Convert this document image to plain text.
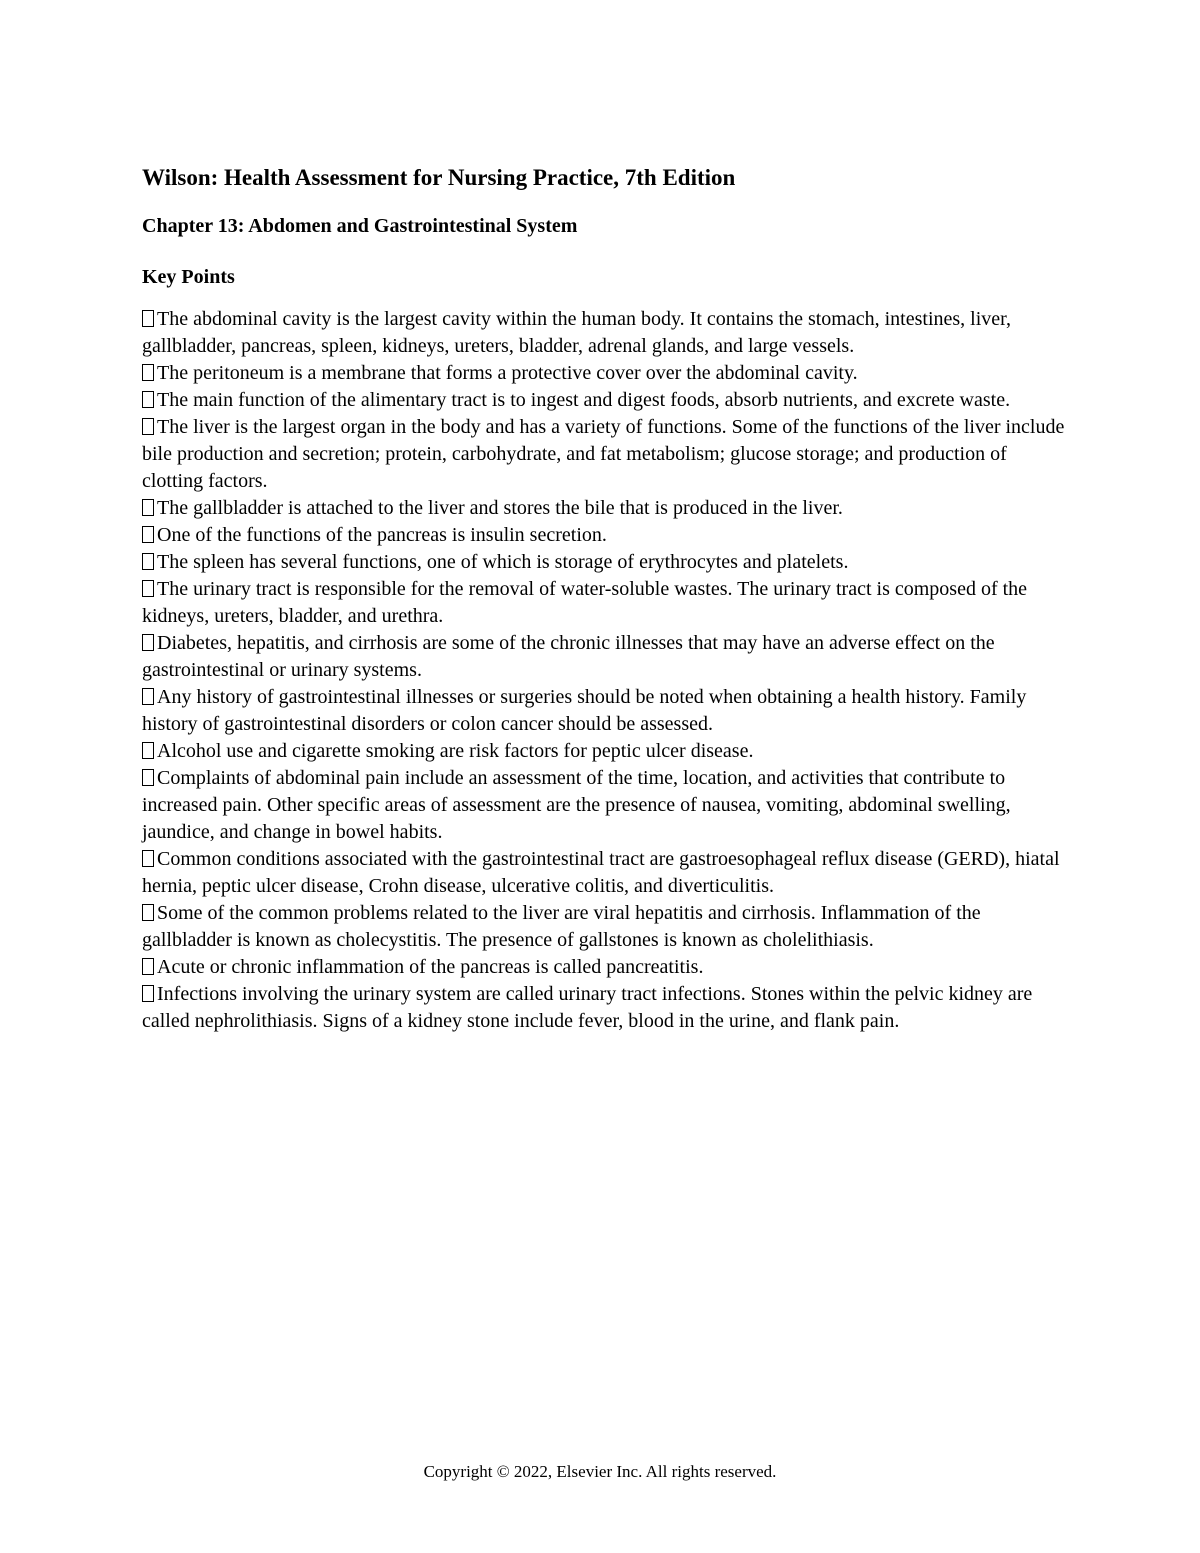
Wilson: Health Assessment for Nursing Practice, 7th Edition
Chapter 13: Abdomen and Gastrointestinal System
Key Points
The abdominal cavity is the largest cavity within the human body. It contains the stomach, intestines, liver, gallbladder, pancreas, spleen, kidneys, ureters, bladder, adrenal glands, and large vessels.
The peritoneum is a membrane that forms a protective cover over the abdominal cavity.
The main function of the alimentary tract is to ingest and digest foods, absorb nutrients, and excrete waste.
The liver is the largest organ in the body and has a variety of functions. Some of the functions of the liver include bile production and secretion; protein, carbohydrate, and fat metabolism; glucose storage; and production of clotting factors.
The gallbladder is attached to the liver and stores the bile that is produced in the liver.
One of the functions of the pancreas is insulin secretion.
The spleen has several functions, one of which is storage of erythrocytes and platelets.
The urinary tract is responsible for the removal of water-soluble wastes. The urinary tract is composed of the kidneys, ureters, bladder, and urethra.
Diabetes, hepatitis, and cirrhosis are some of the chronic illnesses that may have an adverse effect on the gastrointestinal or urinary systems.
Any history of gastrointestinal illnesses or surgeries should be noted when obtaining a health history. Family history of gastrointestinal disorders or colon cancer should be assessed.
Alcohol use and cigarette smoking are risk factors for peptic ulcer disease.
Complaints of abdominal pain include an assessment of the time, location, and activities that contribute to increased pain. Other specific areas of assessment are the presence of nausea, vomiting, abdominal swelling, jaundice, and change in bowel habits.
Common conditions associated with the gastrointestinal tract are gastroesophageal reflux disease (GERD), hiatal hernia, peptic ulcer disease, Crohn disease, ulcerative colitis, and diverticulitis.
Some of the common problems related to the liver are viral hepatitis and cirrhosis. Inflammation of the gallbladder is known as cholecystitis. The presence of gallstones is known as cholelithiasis.
Acute or chronic inflammation of the pancreas is called pancreatitis.
Infections involving the urinary system are called urinary tract infections. Stones within the pelvic kidney are called nephrolithiasis. Signs of a kidney stone include fever, blood in the urine, and flank pain.
Copyright © 2022, Elsevier Inc. All rights reserved.
